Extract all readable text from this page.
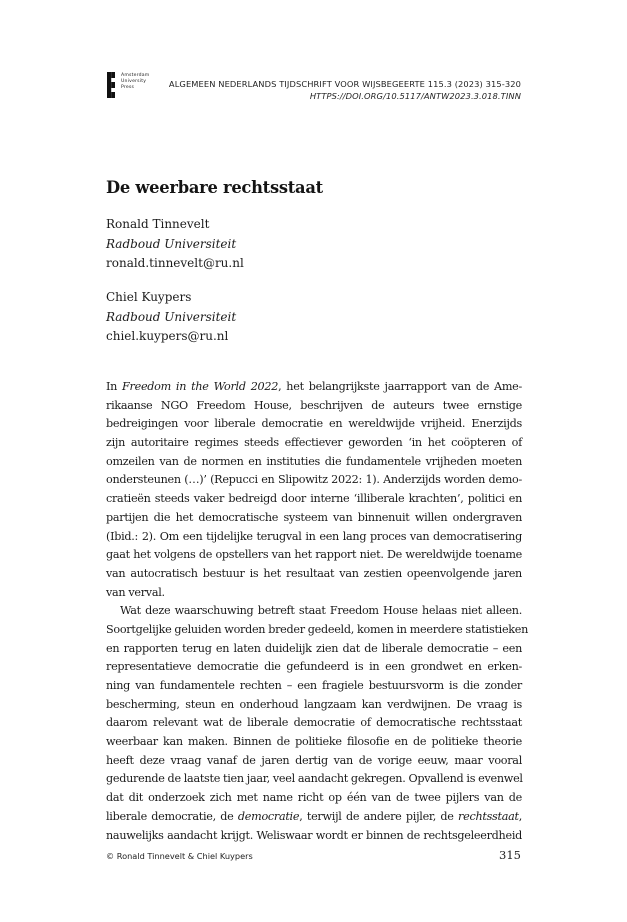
Amsterdam
University
Press	ALGEMEEN NEDERLANDS TIJDSCHRIFT VOOR WIJSBEGEERTE 115.3 (2023) 315-320
HTTPS://DOI.ORG/10.5117/ANTW2023.3.018.TINN
De weerbare rechtsstaat
Ronald Tinnevelt
Radboud Universiteit
ronald.tinnevelt@ru.nl
Chiel Kuypers
Radboud Universiteit
chiel.kuypers@ru.nl
In Freedom in the World 2022, het belangrijkste jaarrapport van de Ame-
rikaanse NGO Freedom House, beschrijven de auteurs twee ernstige
bedreigingen voor liberale democratie en wereldwijde vrijheid. Enerzijds
zijn autoritaire regimes steeds effectiever geworden ‘in het coöpteren of
omzeilen van de normen en instituties die fundamentele vrijheden moeten
ondersteunen (…)’ (Repucci en Slipowitz 2022: 1). Anderzijds worden demo-
cratieën steeds vaker bedreigd door interne ‘illiberale krachten’, politici en
partijen die het democratische systeem van binnenuit willen ondergraven
(Ibid.: 2). Om een tijdelijke terugval in een lang proces van democratisering
gaat het volgens de opstellers van het rapport niet. De wereldwijde toename
van autocratisch bestuur is het resultaat van zestien opeenvolgende jaren
van verval.
Wat deze waarschuwing betreft staat Freedom House helaas niet alleen.
Soortgelijke geluiden worden breder gedeeld, komen in meerdere statistieken
en rapporten terug en laten duidelijk zien dat de liberale democratie – een
representatieve democratie die gefundeerd is in een grondwet en erken-
ning van fundamentele rechten – een fragiele bestuursvorm is die zonder
bescherming, steun en onderhoud langzaam kan verdwijnen. De vraag is
daarom relevant wat de liberale democratie of democratische rechtsstaat
weerbaar kan maken. Binnen de politieke filosofie en de politieke theorie
heeft deze vraag vanaf de jaren dertig van de vorige eeuw, maar vooral
gedurende de laatste tien jaar, veel aandacht gekregen. Opvallend is evenwel
dat dit onderzoek zich met name richt op één van de twee pijlers van de
liberale democratie, de democratie, terwijl de andere pijler, de rechtsstaat,
nauwelijks aandacht krijgt. Weliswaar wordt er binnen de rechtsgeleerdheid
© Ronald Tinnevelt & Chiel Kuypers	315
